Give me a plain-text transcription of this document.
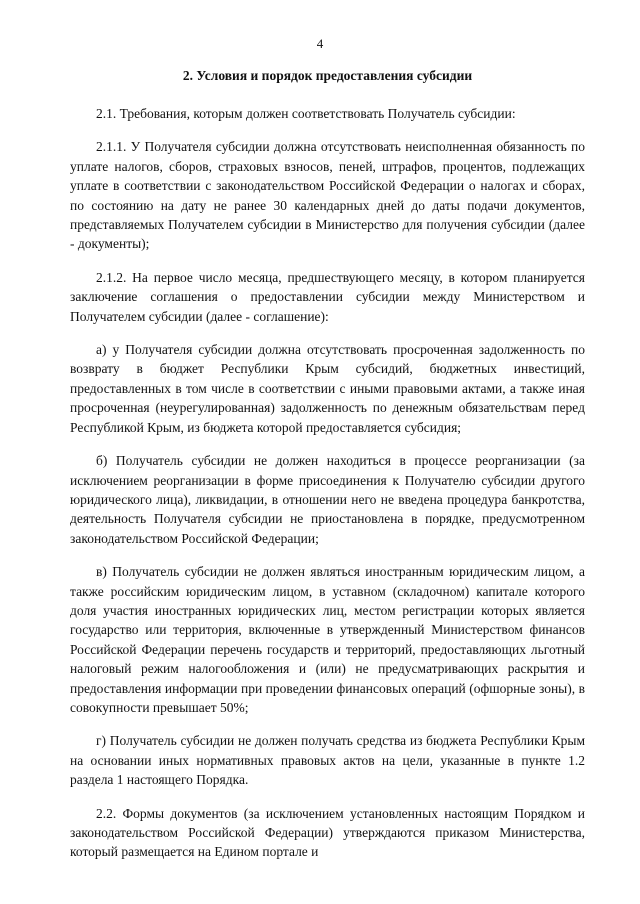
4
2. Условия и порядок предоставления субсидии

2.1. Требования, которым должен соответствовать Получатель субсидии:

2.1.1. У Получателя субсидии должна отсутствовать неисполненная обязанность по уплате налогов, сборов, страховых взносов, пеней, штрафов, процентов, подлежащих уплате в соответствии с законодательством Российской Федерации о налогах и сборах, по состоянию на дату не ранее 30 календарных дней до даты подачи документов, представляемых Получателем субсидии в Министерство для получения субсидии (далее - документы);

2.1.2. На первое число месяца, предшествующего месяцу, в котором планируется заключение соглашения о предоставлении субсидии между Министерством и Получателем субсидии (далее - соглашение):

а) у Получателя субсидии должна отсутствовать просроченная задолженность по возврату в бюджет Республики Крым субсидий, бюджетных инвестиций, предоставленных в том числе в соответствии с иными правовыми актами, а также иная просроченная (неурегулированная) задолженность по денежным обязательствам перед Республикой Крым, из бюджета которой предоставляется субсидия;

б) Получатель субсидии не должен находиться в процессе реорганизации (за исключением реорганизации в форме присоединения к Получателю субсидии другого юридического лица), ликвидации, в отношении него не введена процедура банкротства, деятельность Получателя субсидии не приостановлена в порядке, предусмотренном законодательством Российской Федерации;

в) Получатель субсидии не должен являться иностранным юридическим лицом, а также российским юридическим лицом, в уставном (складочном) капитале которого доля участия иностранных юридических лиц, местом регистрации которых является государство или территория, включенные в утвержденный Министерством финансов Российской Федерации перечень государств и территорий, предоставляющих льготный налоговый режим налогообложения и (или) не предусматривающих раскрытия и предоставления информации при проведении финансовых операций (офшорные зоны), в совокупности превышает 50%;

г) Получатель субсидии не должен получать средства из бюджета Республики Крым на основании иных нормативных правовых актов на цели, указанные в пункте 1.2 раздела 1 настоящего Порядка.

2.2. Формы документов (за исключением установленных настоящим Порядком и законодательством Российской Федерации) утверждаются приказом Министерства, который размещается на Едином портале и
